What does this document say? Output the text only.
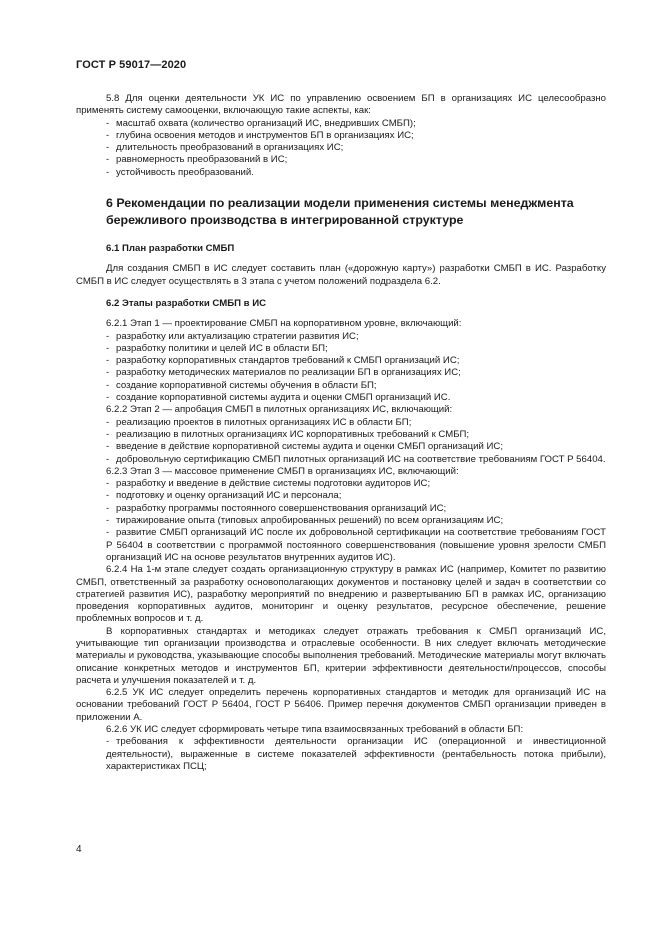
ГОСТ Р 59017—2020

5.8 Для оценки деятельности УК ИС по управлению освоением БП в организациях ИС целесообразно применять систему самооценки, включающую такие аспекты, как:

- масштаб охвата (количество организаций ИС, внедривших СМБП);

- глубина освоения методов и инструментов БП в организациях ИС;

- длительность преобразований в организациях ИС;

- равномерность преобразований в ИС;

- устойчивость преобразований.

6 Рекомендации по реализации модели применения системы менеджмента бережливого производства в интегрированной структуре
6.1 План разработки СМБП

Для создания СМБП в ИС следует составить план («дорожную карту») разработки СМБП в ИС. Разработку СМБП в ИС следует осуществлять в 3 этапа с учетом положений подраздела 6.2.

6.2 Этапы разработки СМБП в ИС

6.2.1 Этап 1 — проектирование СМБП на корпоративном уровне, включающий:

- разработку или актуализацию стратегии развития ИС;

- разработку политики и целей ИС в области БП;

- разработку корпоративных стандартов требований к СМБП организаций ИС;

- разработку методических материалов по реализации БП в организациях ИС;

- создание корпоративной системы обучения в области БП;

- создание корпоративной системы аудита и оценки СМБП организаций ИС.

6.2.2 Этап 2 — апробация СМБП в пилотных организациях ИС, включающий:

- реализацию проектов в пилотных организациях ИС в области БП;

- реализацию в пилотных организациях ИС корпоративных требований к СМБП;

- введение в действие корпоративной системы аудита и оценки СМБП организаций ИС;

- добровольную сертификацию СМБП пилотных организаций ИС на соответствие требованиям ГОСТ Р 56404.

6.2.3 Этап 3 — массовое применение СМБП в организациях ИС, включающий:

- разработку и введение в действие системы подготовки аудиторов ИС;

- подготовку и оценку организаций ИС и персонала;

- разработку программы постоянного совершенствования организаций ИС;

- тиражирование опыта (типовых апробированных решений) по всем организациям ИС;

- развитие СМБП организаций ИС после их добровольной сертификации на соответствие требованиям ГОСТ Р 56404 в соответствии с программой постоянного совершенствования (повышение уровня зрелости СМБП организаций ИС на основе результатов внутренних аудитов ИС).

6.2.4 На 1-м этапе следует создать организационную структуру в рамках ИС (например, Комитет по развитию СМБП, ответственный за разработку основополагающих документов и постановку целей и задач в соответствии со стратегией развития ИС), разработку мероприятий по внедрению и развертыванию БП в рамках ИС, организацию проведения корпоративных аудитов, мониторинг и оценку результатов, ресурсное обеспечение, решение проблемных вопросов и т. д.

В корпоративных стандартах и методиках следует отражать требования к СМБП организаций ИС, учитывающие тип организации производства и отраслевые особенности. В них следует включать методические материалы и руководства, указывающие способы выполнения требований. Методические материалы могут включать описание конкретных методов и инструментов БП, критерии эффективности деятельности/процессов, способы расчета и улучшения показателей и т. д.

6.2.5 УК ИС следует определить перечень корпоративных стандартов и методик для организаций ИС на основании требований ГОСТ Р 56404, ГОСТ Р 56406. Пример перечня документов СМБП организации приведен в приложении А.

6.2.6 УК ИС следует сформировать четыре типа взаимосвязанных требований в области БП:

- требования к эффективности деятельности организации ИС (операционной и инвестиционной деятельности), выраженные в системе показателей эффективности (рентабельность потока прибыли), характеристиках ПСЦ;

4
